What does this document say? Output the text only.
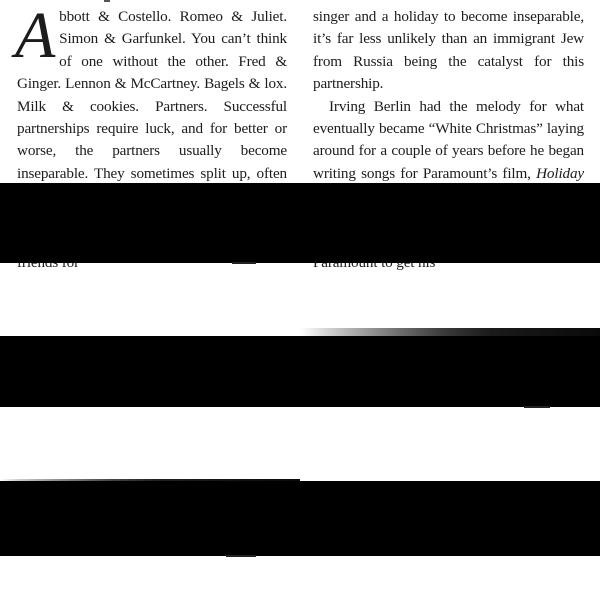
Abbott & Costello. Romeo & Juliet. Simon & Garfunkel. You can’t think of one without the other. Fred & Ginger. Lennon & McCartney. Bagels & lox. Milk & cookies. Partners. Successful partnerships require luck, and for better or worse, the partners usually become inseparable. They sometimes split up, often

singer and a holiday to become inseparable, it’s far less unlikely than an immigrant Jew from Russia being the catalyst for this partnership.

Irving Berlin had the melody for what eventually became “White Christmas” laying around for a couple of years before he began writing songs for Paramount’s film, Holiday
